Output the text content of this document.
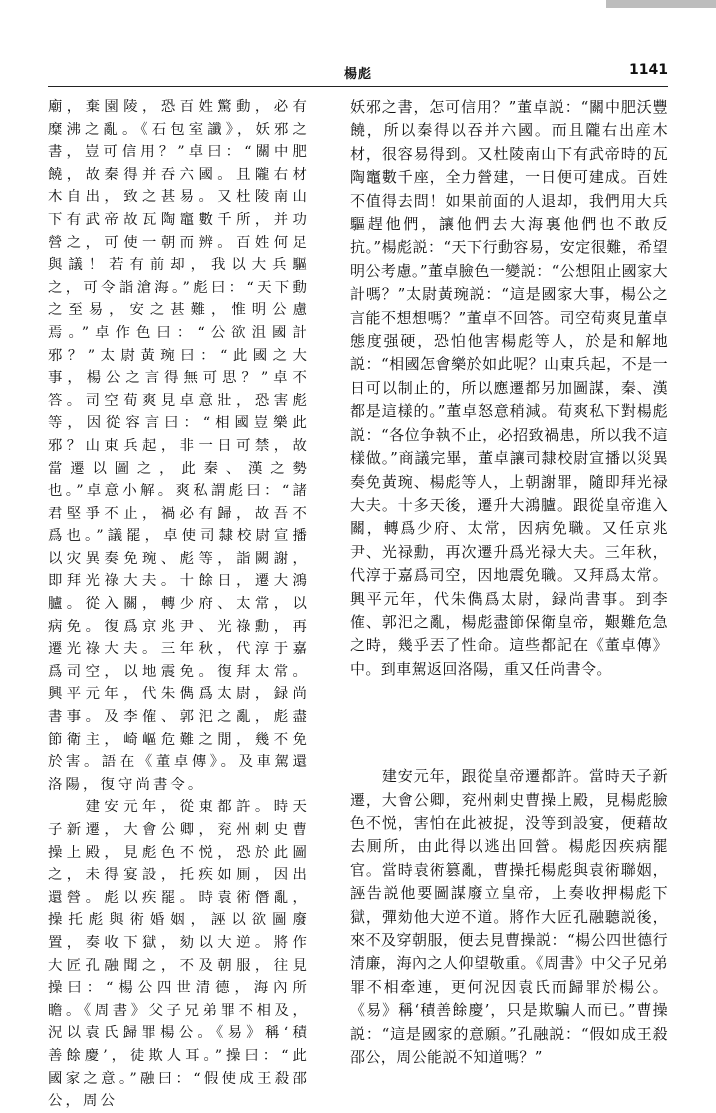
楊彪	1141

廟，棄園陵，恐百姓驚動，必有糜沸之亂。《石包室讖》，妖邪之書，豈可信用？”卓曰：“關中肥饒，故秦得并吞六國。且隴右材木自出，致之甚易。又杜陵南山下有武帝故瓦陶竈數千所，并功營之，可使一朝而辨。百姓何足與議！若有前却，我以大兵驅之，可令詣滄海。”彪曰：“天下動之至易，安之甚難，惟明公慮焉。”卓作色曰：“公欲沮國計邪？”太尉黃琬曰：“此國之大事，楊公之言得無可思？”卓不答。司空荀爽見卓意壯，恐害彪等，因從容言曰：“相國豈樂此邪？山東兵起，非一日可禁，故當遷以圖之，此秦、漢之勢也。”卓意小解。爽私謂彪曰：“諸君堅爭不止，禍必有歸，故吾不爲也。”議罷，卓使司隸校尉宣播以灾異奏免琬、彪等，詣闕謝，即拜光祿大夫。十餘日，遷大鴻臚。從入關，轉少府、太常，以病免。復爲京兆尹、光祿勳，再遷光祿大夫。三年秋，代淳于嘉爲司空，以地震免。復拜太常。興平元年，代朱儁爲太尉，録尚書事。及李傕、郭汜之亂，彪盡節衛主，崎嶇危難之閒，幾不免於害。語在《董卓傳》。及車駕還洛陽，復守尚書令。

　　建安元年，從東都許。時天子新遷，大會公卿，兖州刺史曹操上殿，見彪色不悦，恐於此圖之，未得宴設，托疾如厠，因出還營。彪以疾罷。時袁術僭亂，操托彪與術婚姻，誣以欲圖廢置，奏收下獄，劾以大逆。將作大匠孔融聞之，不及朝服，往見操曰：“楊公四世清德，海內所瞻。《周書》父子兄弟罪不相及，況以袁氏歸罪楊公。《易》稱‘積善餘慶’，徒欺人耳。”操曰：“此國家之意。”融曰：“假使成王殺邵公，周公

妖邪之書，怎可信用？”董卓説：“關中肥沃豐饒，所以秦得以吞并六國。而且隴右出産木材，很容易得到。又杜陵南山下有武帝時的瓦陶竈數千座，全力營建，一日便可建成。百姓不值得去問！如果前面的人退却，我們用大兵驅趕他們，讓他們去大海裏他們也不敢反抗。”楊彪説：“天下行動容易，安定很難，希望明公考慮。”董卓臉色一變説：“公想阻止國家大計嗎？”太尉黃琬説：“這是國家大事，楊公之言能不想想嗎？”董卓不回答。司空荀爽見董卓態度强硬，恐怕他害楊彪等人，於是和解地説：“相國怎會樂於如此呢？山東兵起，不是一日可以制止的，所以應遷都另加圖謀，秦、漢都是這樣的。”董卓怒意稍減。荀爽私下對楊彪説：“各位争執不止，必招致禍患，所以我不這樣做。”商議完畢，董卓讓司隸校尉宣播以災異奏免黃琬、楊彪等人，上朝謝罪，隨即拜光禄大夫。十多天後，遷升大鴻臚。跟從皇帝進入關，轉爲少府、太常，因病免職。又任京兆尹、光禄勳，再次遷升爲光禄大夫。三年秋，代淳于嘉爲司空，因地震免職。又拜爲太常。興平元年，代朱儁爲太尉，録尚書事。到李傕、郭汜之亂，楊彪盡節保衛皇帝，艱難危急之時，幾乎丟了性命。這些都記在《董卓傳》中。到車駕返回洛陽，重又任尚書令。

　　建安元年，跟從皇帝遷都許。當時天子新遷，大會公卿，兖州刺史曹操上殿，見楊彪臉色不悦，害怕在此被捉，没等到設宴，便藉故去厠所，由此得以逃出回營。楊彪因疾病罷官。當時袁術篡亂，曹操托楊彪與袁術聯姻，誣告説他要圖謀廢立皇帝，上奏收押楊彪下獄，彈劾他大逆不道。將作大匠孔融聽説後，來不及穿朝服，便去見曹操説：“楊公四世德行清廉，海內之人仰望敬重。《周書》中父子兄弟罪不相牽連，更何況因袁氏而歸罪於楊公。《易》稱‘積善餘慶’，只是欺騙人而已。”曹操説：“這是國家的意願。”孔融説：“假如成王殺邵公，周公能説不知道嗎？”
